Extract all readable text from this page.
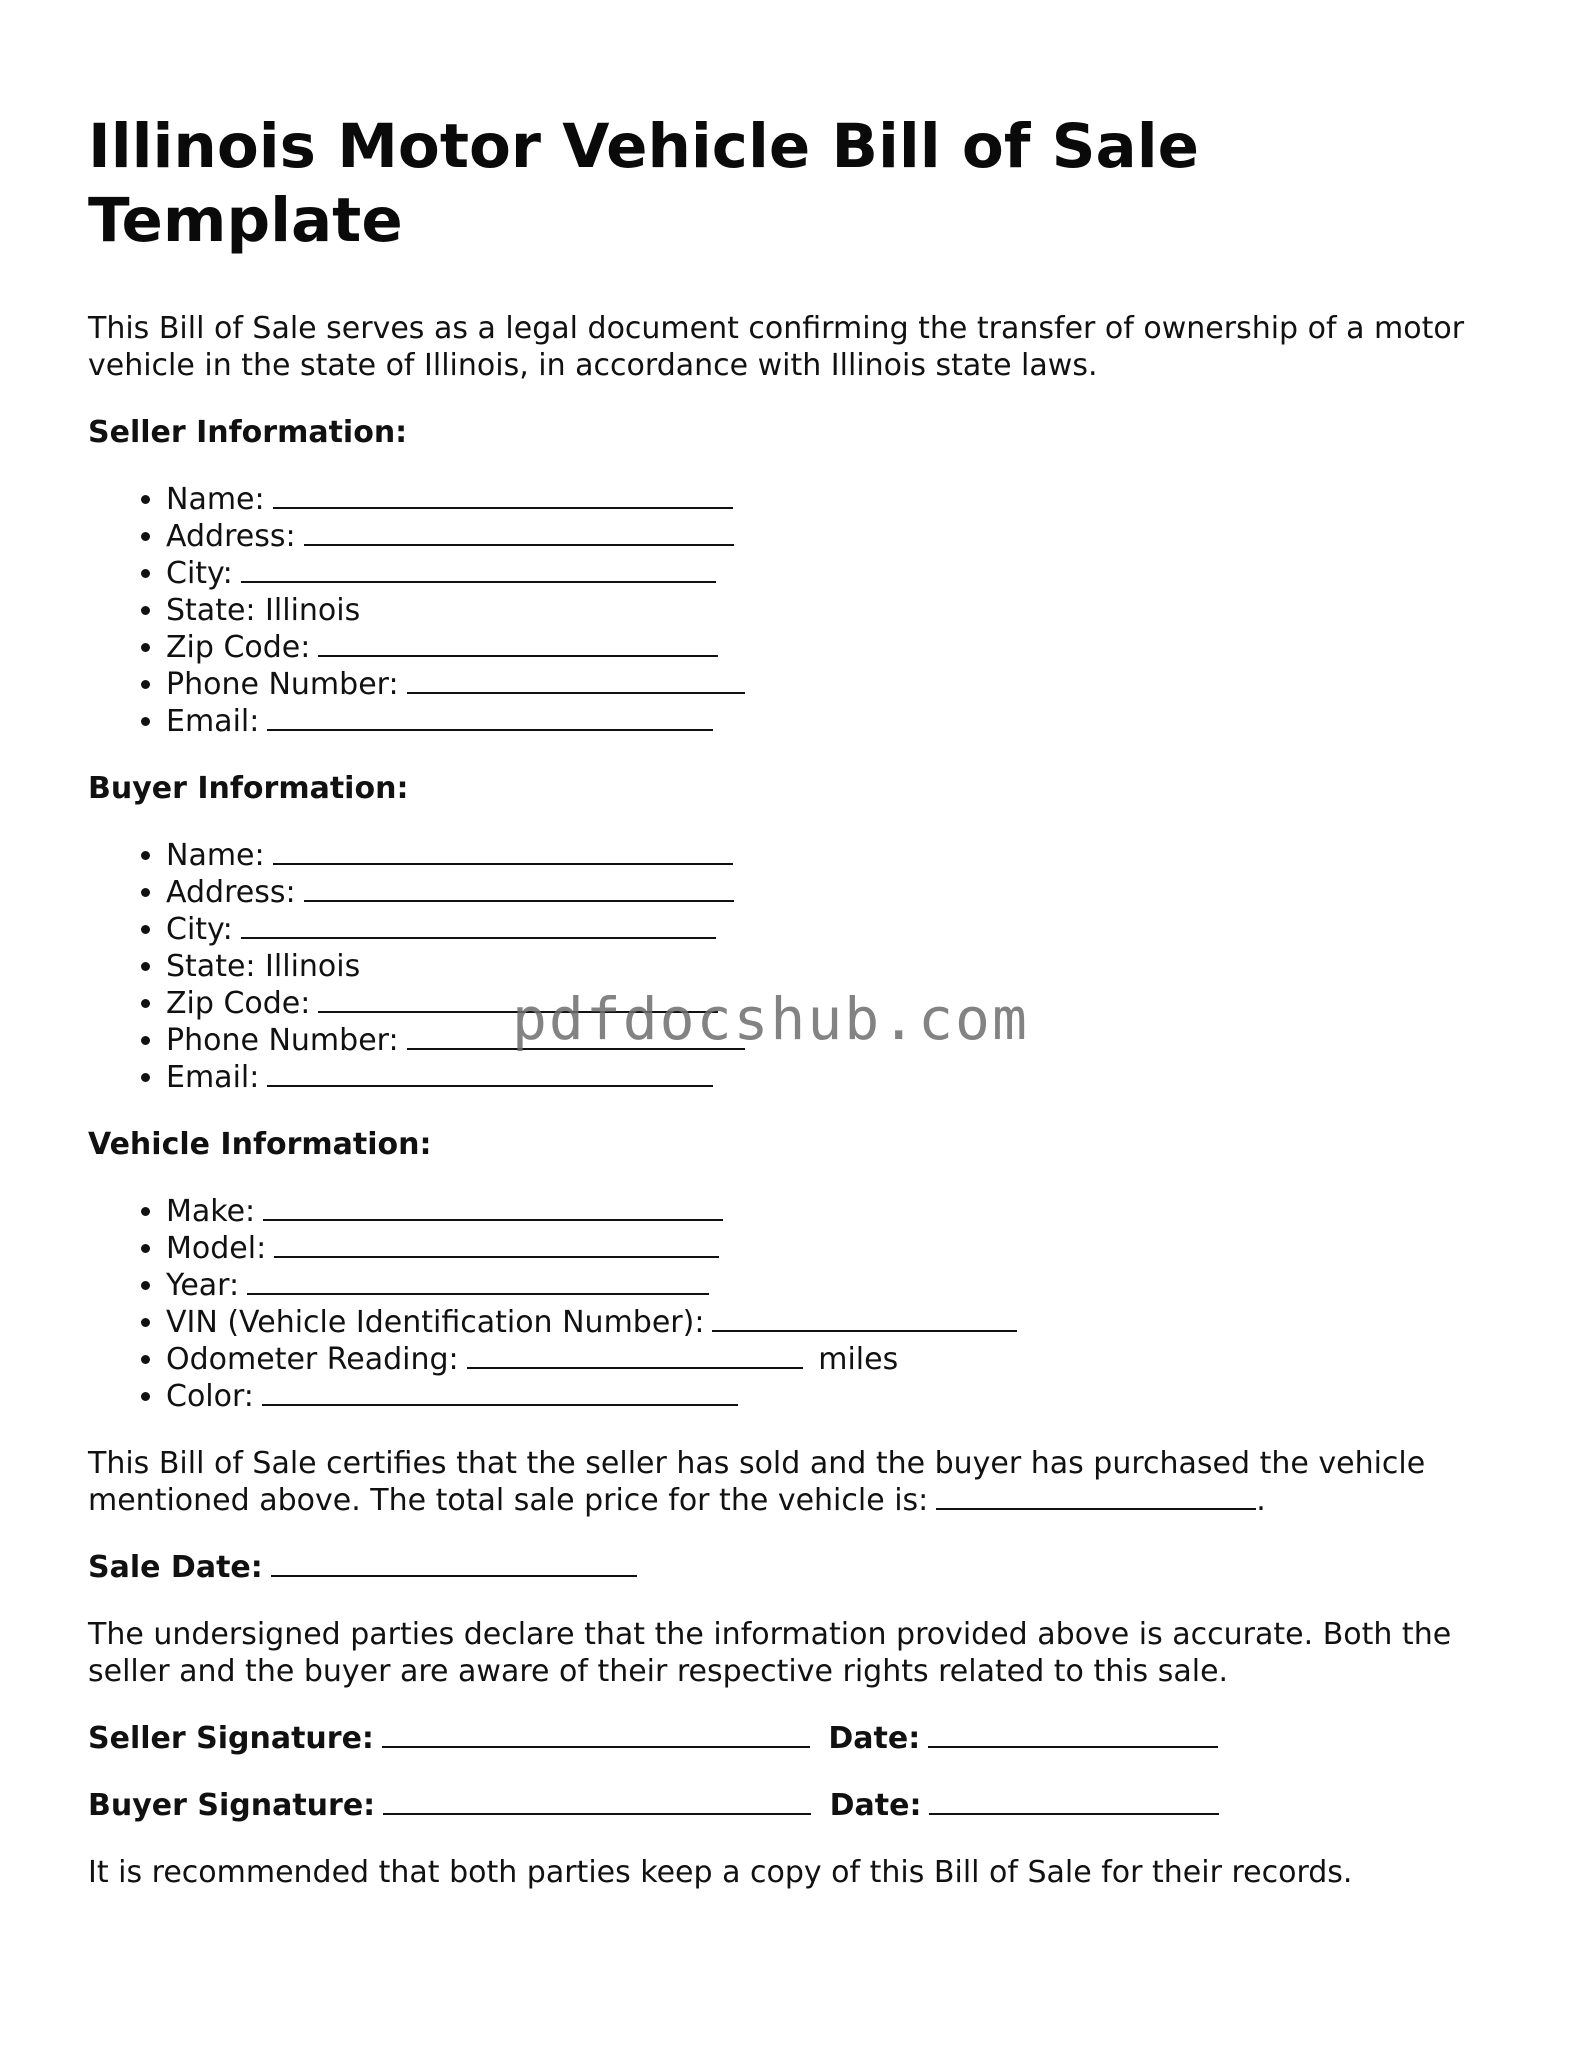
Illinois Motor Vehicle Bill of Sale Template

This Bill of Sale serves as a legal document confirming the transfer of ownership of a motor vehicle in the state of Illinois, in accordance with Illinois state laws.

Seller Information:
• Name:
• Address:
• City:
• State: Illinois
• Zip Code:
• Phone Number:
• Email:
Buyer Information:
• Name:
• Address:
• City:
• State: Illinois
• Zip Code:
• Phone Number:
• Email:
Vehicle Information:
• Make:
• Model:
• Year:
• VIN (Vehicle Identification Number):
• Odometer Reading:	miles
• Color:

This Bill of Sale certifies that the seller has sold and the buyer has purchased the vehicle mentioned above. The total sale price for the vehicle is:	.

Sale Date:

The undersigned parties declare that the information provided above is accurate. Both the seller and the buyer are aware of their respective rights related to this sale.

Seller Signature:	Date:
Buyer Signature:	Date:

It is recommended that both parties keep a copy of this Bill of Sale for their records.

pdfdocshub.com
